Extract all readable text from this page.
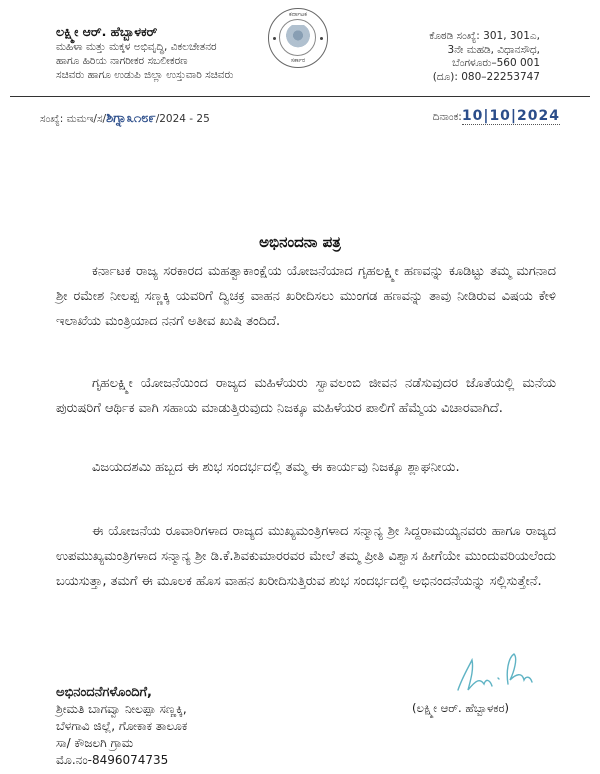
ಲಕ್ಷ್ಮೀ ಆರ್. ಹೆಬ್ಬಾಳಕರ್
ಮಹಿಳಾ ಮತ್ತು ಮಕ್ಕಳ ಅಭಿವೃದ್ಧಿ, ವಿಕಲಚೇತನರ
ಹಾಗೂ ಹಿರಿಯ ನಾಗರೀಕರ ಸಬಲೀಕರಣ
ಸಚಿವರು ಹಾಗೂ ಉಡುಪಿ ಜಿಲ್ಲಾ ಉಸ್ತುವಾರಿ ಸಚಿವರು
ಕರ್ನಾಟಕ
ಸರ್ಕಾರ
ಕೊಠಡಿ ಸಂಖ್ಯೆ: 301, 301ಎ,
3ನೇ ಮಹಡಿ, ವಿಧಾನಸೌಧ,
ಬೆಂಗಳೂರು–560 001
(ದೂ): 080–22253747
ಸಂಖ್ಯೆ: ಮಮಇ/ಸ/ಶಿಗ್ನಾ೩೧೮೯/2024 - 25	ದಿನಾಂಕ:10|10|2024
ಅಭಿನಂದನಾ ಪತ್ರ
ಕರ್ನಾಟಕ ರಾಜ್ಯ ಸರಕಾರದ ಮಹತ್ವಾಕಾಂಕ್ಷೆಯ ಯೋಜನೆಯಾದ ಗೃಹಲಕ್ಷ್ಮೀ ಹಣವನ್ನು ಕೂಡಿಟ್ಟು ತಮ್ಮ ಮಗನಾದ ಶ್ರೀ ರಮೇಶ ನೀಲಪ್ಪ ಸಣ್ಣಕ್ಕಿ ಯವರಿಗೆ ದ್ವಿಚಕ್ರ ವಾಹನ ಖರೀದಿಸಲು ಮುಂಗಡ ಹಣವನ್ನು ತಾವು ನೀಡಿರುವ ವಿಷಯ ಕೇಳಿ ಇಲಾಖೆಯ ಮಂತ್ರಿಯಾದ ನನಗೆ ಅತೀವ ಖುಷಿ ತಂದಿದೆ.
ಗೃಹಲಕ್ಷ್ಮೀ ಯೋಜನೆಯಿಂದ ರಾಜ್ಯದ ಮಹಿಳೆಯರು ಸ್ವಾವಲಂಬಿ ಜೀವನ ನಡೆಸುವುದರ ಜೊತೆಯಲ್ಲಿ ಮನೆಯ ಪುರುಷರಿಗೆ ಆರ್ಥಿಕ ವಾಗಿ ಸಹಾಯ ಮಾಡುತ್ತಿರುವುದು ನಿಜಕ್ಕೂ ಮಹಿಳೆಯರ ಪಾಲಿಗೆ ಹೆಮ್ಮೆಯ ವಿಚಾರವಾಗಿದೆ.
ವಿಜಯದಶಮಿ ಹಬ್ಬದ ಈ ಶುಭ ಸಂದರ್ಭದಲ್ಲಿ ತಮ್ಮ ಈ ಕಾರ್ಯವು ನಿಜಕ್ಕೂ ಶ್ಲಾಘನೀಯ.
ಈ ಯೋಜನೆಯ ರೂವಾರಿಗಳಾದ ರಾಜ್ಯದ ಮುಖ್ಯಮಂತ್ರಿಗಳಾದ ಸನ್ಮಾನ್ಯ ಶ್ರೀ ಸಿದ್ದರಾಮಯ್ಯನವರು ಹಾಗೂ ರಾಜ್ಯದ ಉಪಮುಖ್ಯಮಂತ್ರಿಗಳಾದ ಸನ್ಮಾನ್ಯ ಶ್ರೀ ಡಿ.ಕೆ.ಶಿವಕುಮಾರರವರ ಮೇಲೆ ತಮ್ಮ ಪ್ರೀತಿ ವಿಶ್ವಾಸ ಹೀಗೆಯೇ ಮುಂದುವರಿಯಲೆಂದು ಬಯಸುತ್ತಾ, ತಮಗೆ ಈ ಮೂಲಕ ಹೊಸ ವಾಹನ ಖರೀದಿಸುತ್ತಿರುವ ಶುಭ ಸಂದರ್ಭದಲ್ಲಿ ಅಭಿನಂದನೆಯನ್ನು ಸಲ್ಲಿಸುತ್ತೇನೆ.
ಅಭಿನಂದನೆಗಳೊಂದಿಗೆ,
ಶ್ರೀಮತಿ ಬಾಗವ್ವಾ ನೀಲಪ್ಪಾ ಸಣ್ಣಕ್ಕಿ,
ಬೆಳಗಾವಿ ಜಿಲ್ಲೆ, ಗೋಕಾಕ ತಾಲೂಕ
ಸಾ/ ಕೌಜಲಗಿ ಗ್ರಾಮ
ಮೊ.ನಂ-8496074735
(ಲಕ್ಷ್ಮೀ ಆರ್. ಹೆಬ್ಬಾಳಕರ)
